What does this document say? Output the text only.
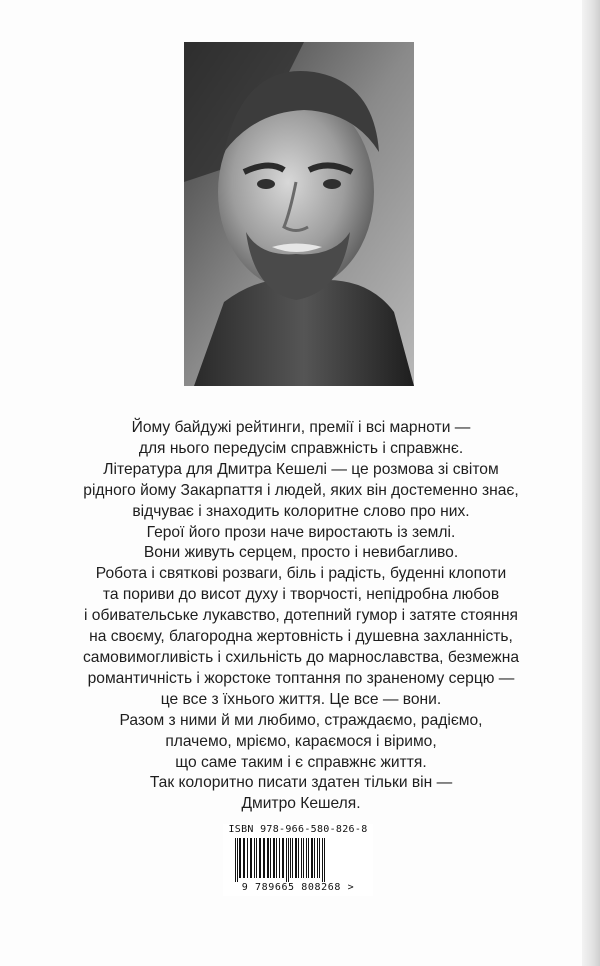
Йому байдужі рейтинги, премії і всі марноти —
для нього передусім справжність і справжнє.
Література для Дмитра Кешелі — це розмова зі світом
рідного йому Закарпаття і людей, яких він достеменно знає,
відчуває і знаходить колоритне слово про них.
Герої його прози наче виростають із землі.
Вони живуть серцем, просто і невибагливо.
Робота і святкові розваги, біль і радість, буденні клопоти
та пориви до висот духу і творчості, непідробна любов
і обивательське лукавство, дотепний гумор і затяте стояння
на своєму, благородна жертовність і душевна захланність,
самовимогливість і схильність до марнославства, безмежна
романтичність і жорстоке топтання по зраненому серцю —
це все з їхнього життя. Це все — вони.
Разом з ними й ми любимо, страждаємо, радіємо,
плачемо, мріємо, караємося і віримо,
що саме таким і є справжнє життя.
Так колоритно писати здатен тільки він —
Дмитро Кешеля.
ISBN 978-966-580-826-8
9 789665 808268 >
